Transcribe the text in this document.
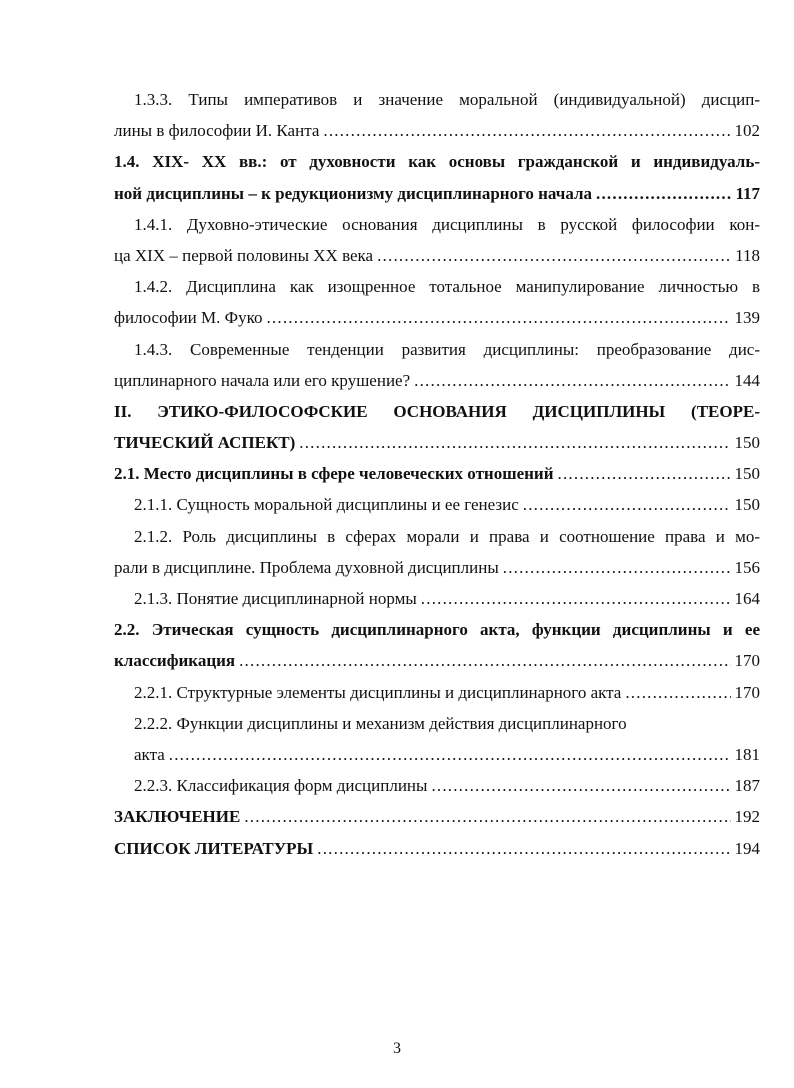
1.3.3. Типы императивов и значение моральной (индивидуальной) дисцип-
лины в философии И. Канта .....	102
1.4. XIX- XX вв.: от духовности как основы гражданской и индивидуаль-
ной дисциплины – к редукционизму дисциплинарного начала .....	117
1.4.1. Духовно-этические основания дисциплины в русской философии кон-
ца XIX – первой половины XX века .....	118
1.4.2. Дисциплина как изощренное тотальное манипулирование личностью в
философии М. Фуко .....	139
1.4.3. Современные тенденции развития дисциплины: преобразование дис-
циплинарного начала или его крушение? .....	144
II. ЭТИКО-ФИЛОСОФСКИЕ ОСНОВАНИЯ ДИСЦИПЛИНЫ (ТЕОРЕ-
ТИЧЕСКИЙ АСПЕКТ) .....	150
2.1. Место дисциплины в сфере человеческих отношений .....	150
2.1.1. Сущность моральной дисциплины и ее генезис .....	150
2.1.2. Роль дисциплины в сферах морали и права и соотношение права и мо-
рали в дисциплине. Проблема духовной дисциплины .....	156
2.1.3. Понятие дисциплинарной нормы .....	164
2.2. Этическая сущность дисциплинарного акта, функции дисциплины и ее
классификация .....	170
2.2.1. Структурные элементы дисциплины и дисциплинарного акта .....	170
2.2.2. Функции дисциплины и механизм действия дисциплинарного
акта .....	181
2.2.3. Классификация форм дисциплины .....	187
ЗАКЛЮЧЕНИЕ .....	192
СПИСОК ЛИТЕРАТУРЫ .....	194
3
